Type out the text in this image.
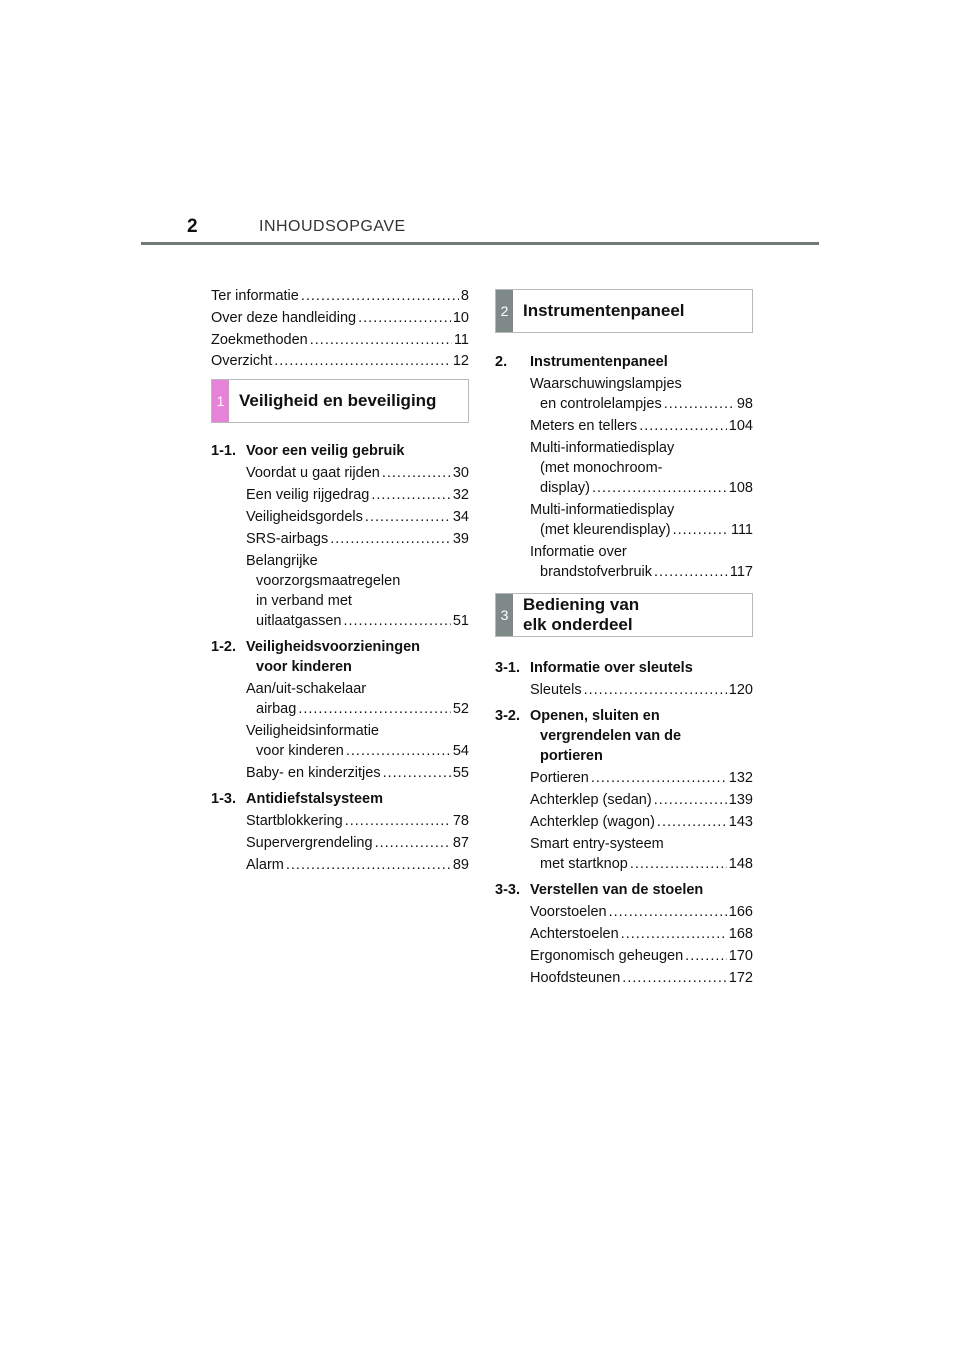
2	INHOUDSOPGAVE
Ter informatie .....	8
Over deze handleiding .....	10
Zoekmethoden .....	11
Overzicht .....	12
1 Veiligheid en beveiliging
1-1. Voor een veilig gebruik
Voordat u gaat rijden .....	30
Een veilig rijgedrag .....	32
Veiligheidsgordels .....	34
SRS-airbags .....	39
Belangrijke
voorzorgsmaatregelen
in verband met
uitlaatgassen .....	51
1-2. Veiligheidsvoorzieningen
voor kinderen
Aan/uit-schakelaar
airbag .....	52
Veiligheidsinformatie
voor kinderen .....	54
Baby- en kinderzitjes .....	55
1-3. Antidiefstalsysteem
Startblokkering .....	78
Supervergrendeling .....	87
Alarm .....	89
2 Instrumentenpaneel
2.	Instrumentenpaneel
Waarschuwingslampjes
en controlelampjes .....	98
Meters en tellers .....	104
Multi-informatiedisplay
(met monochroom-
display) .....	108
Multi-informatiedisplay
(met kleurendisplay) .....	111
Informatie over
brandstofverbruik .....	117
3
Bediening van
elk onderdeel
3-1. Informatie over sleutels
Sleutels .....	120
3-2. Openen, sluiten en
vergrendelen van de
portieren
Portieren .....	132
Achterklep (sedan) .....	139
Achterklep (wagon) .....	143
Smart entry-systeem
met startknop .....	148
3-3. Verstellen van de stoelen
Voorstoelen .....	166
Achterstoelen .....	168
Ergonomisch geheugen .....	170
Hoofdsteunen .....	172
